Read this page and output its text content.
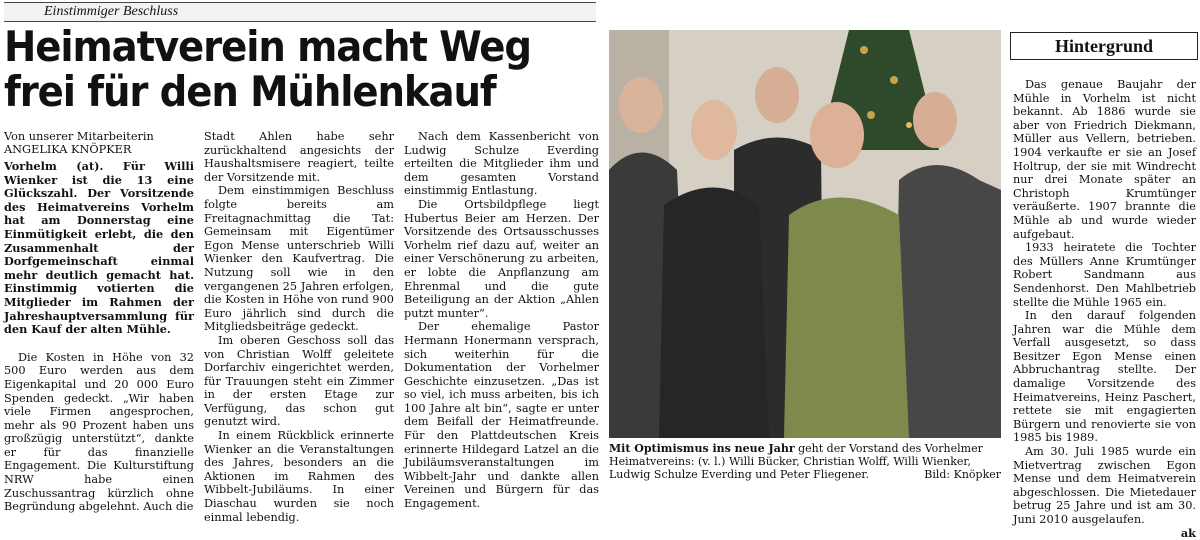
Einstimmiger Beschluss
Heimatverein macht Weg
frei für den Mühlenkauf
Von unserer Mitarbeiterin
ANGELIKA KNÖPKER

Vorhelm (at). Für Willi Wienker ist die 13 eine Glückszahl. Der Vorsitzende des Heimatvereins Vorhelm hat am Donnerstag eine Einmütigkeit erlebt, die den Zusammenhalt der Dorfgemeinschaft einmal mehr deutlich gemacht hat. Einstimmig votierten die Mitglieder im Rahmen der Jahreshauptversammlung für den Kauf der alten Mühle.

Die Kosten in Höhe von 32 500 Euro werden aus dem Eigenkapital und 20 000 Euro Spenden gedeckt. „Wir haben viele Firmen angesprochen, mehr als 90 Prozent haben uns großzügig unterstützt“, dankte er für das finanzielle Engagement. Die Kulturstiftung NRW habe einen Zuschussantrag kürzlich ohne Begründung abgelehnt. Auch die

Stadt Ahlen habe sehr zurückhaltend angesichts der Haushaltsmisere reagiert, teilte der Vorsitzende mit.

Dem einstimmigen Beschluss folgte bereits am Freitagnachmittag die Tat: Gemeinsam mit Eigentümer Egon Mense unterschrieb Willi Wienker den Kaufvertrag. Die Nutzung soll wie in den vergangenen 25 Jahren erfolgen, die Kosten in Höhe von rund 900 Euro jährlich sind durch die Mitgliedsbeiträge gedeckt.

Im oberen Geschoss soll das von Christian Wolff geleitete Dorfarchiv eingerichtet werden, für Trauungen steht ein Zimmer in der ersten Etage zur Verfügung, das schon gut genutzt wird.

In einem Rückblick erinnerte Wienker an die Veranstaltungen des Jahres, besonders an die Aktionen im Rahmen des Wibbelt-Jubiläums. In einer Diaschau wurden sie noch einmal lebendig.

Nach dem Kassenbericht von Ludwig Schulze Everding erteilten die Mitglieder ihm und dem gesamten Vorstand einstimmig Entlastung.

Die Ortsbildpflege liegt Hubertus Beier am Herzen. Der Vorsitzende des Ortsausschusses Vorhelm rief dazu auf, weiter an einer Verschönerung zu arbeiten, er lobte die Anpflanzung am Ehrenmal und die gute Beteiligung an der Aktion „Ahlen putzt munter“.

Der ehemalige Pastor Hermann Honermann versprach, sich weiterhin für die Dokumentation der Vorhelmer Geschichte einzusetzen. „Das ist so viel, ich muss arbeiten, bis ich 100 Jahre alt bin“, sagte er unter dem Beifall der Heimatfreunde. Für den Plattdeutschen Kreis erinnerte Hildegard Latzel an die Jubiläumsveranstaltungen im Wibbelt-Jahr und dankte allen Vereinen und Bürgern für das Engagement.

Mit Optimismus ins neue Jahr geht der Vorstand des Vorhelmer Heimatvereins: (v. l.) Willi Bücker, Christian Wolff, Willi Wienker, Ludwig Schulze Everding und Peter Fliegener.	Bild: Knöpker
Hintergrund

Das genaue Baujahr der Mühle in Vorhelm ist nicht bekannt. Ab 1886 wurde sie aber von Friedrich Diekmann, Müller aus Vellern, betrieben. 1904 verkaufte er sie an Josef Holtrup, der sie mit Windrecht nur drei Monate später an Christoph Krumtünger veräußerte. 1907 brannte die Mühle ab und wurde wieder aufgebaut.

1933 heiratete die Tochter des Müllers Anne Krumtünger Robert Sandmann aus Sendenhorst. Den Mahlbetrieb stellte die Mühle 1965 ein.

In den darauf folgenden Jahren war die Mühle dem Verfall ausgesetzt, so dass Besitzer Egon Mense einen Abbruchantrag stellte. Der damalige Vorsitzende des Heimatvereins, Heinz Paschert, rettete sie mit engagierten Bürgern und renovierte sie von 1985 bis 1989.

Am 30. Juli 1985 wurde ein Mietvertrag zwischen Egon Mense und dem Heimatverein abgeschlossen. Die Mietedauer betrug 25 Jahre und ist am 30. Juni 2010 ausgelaufen.

ak
